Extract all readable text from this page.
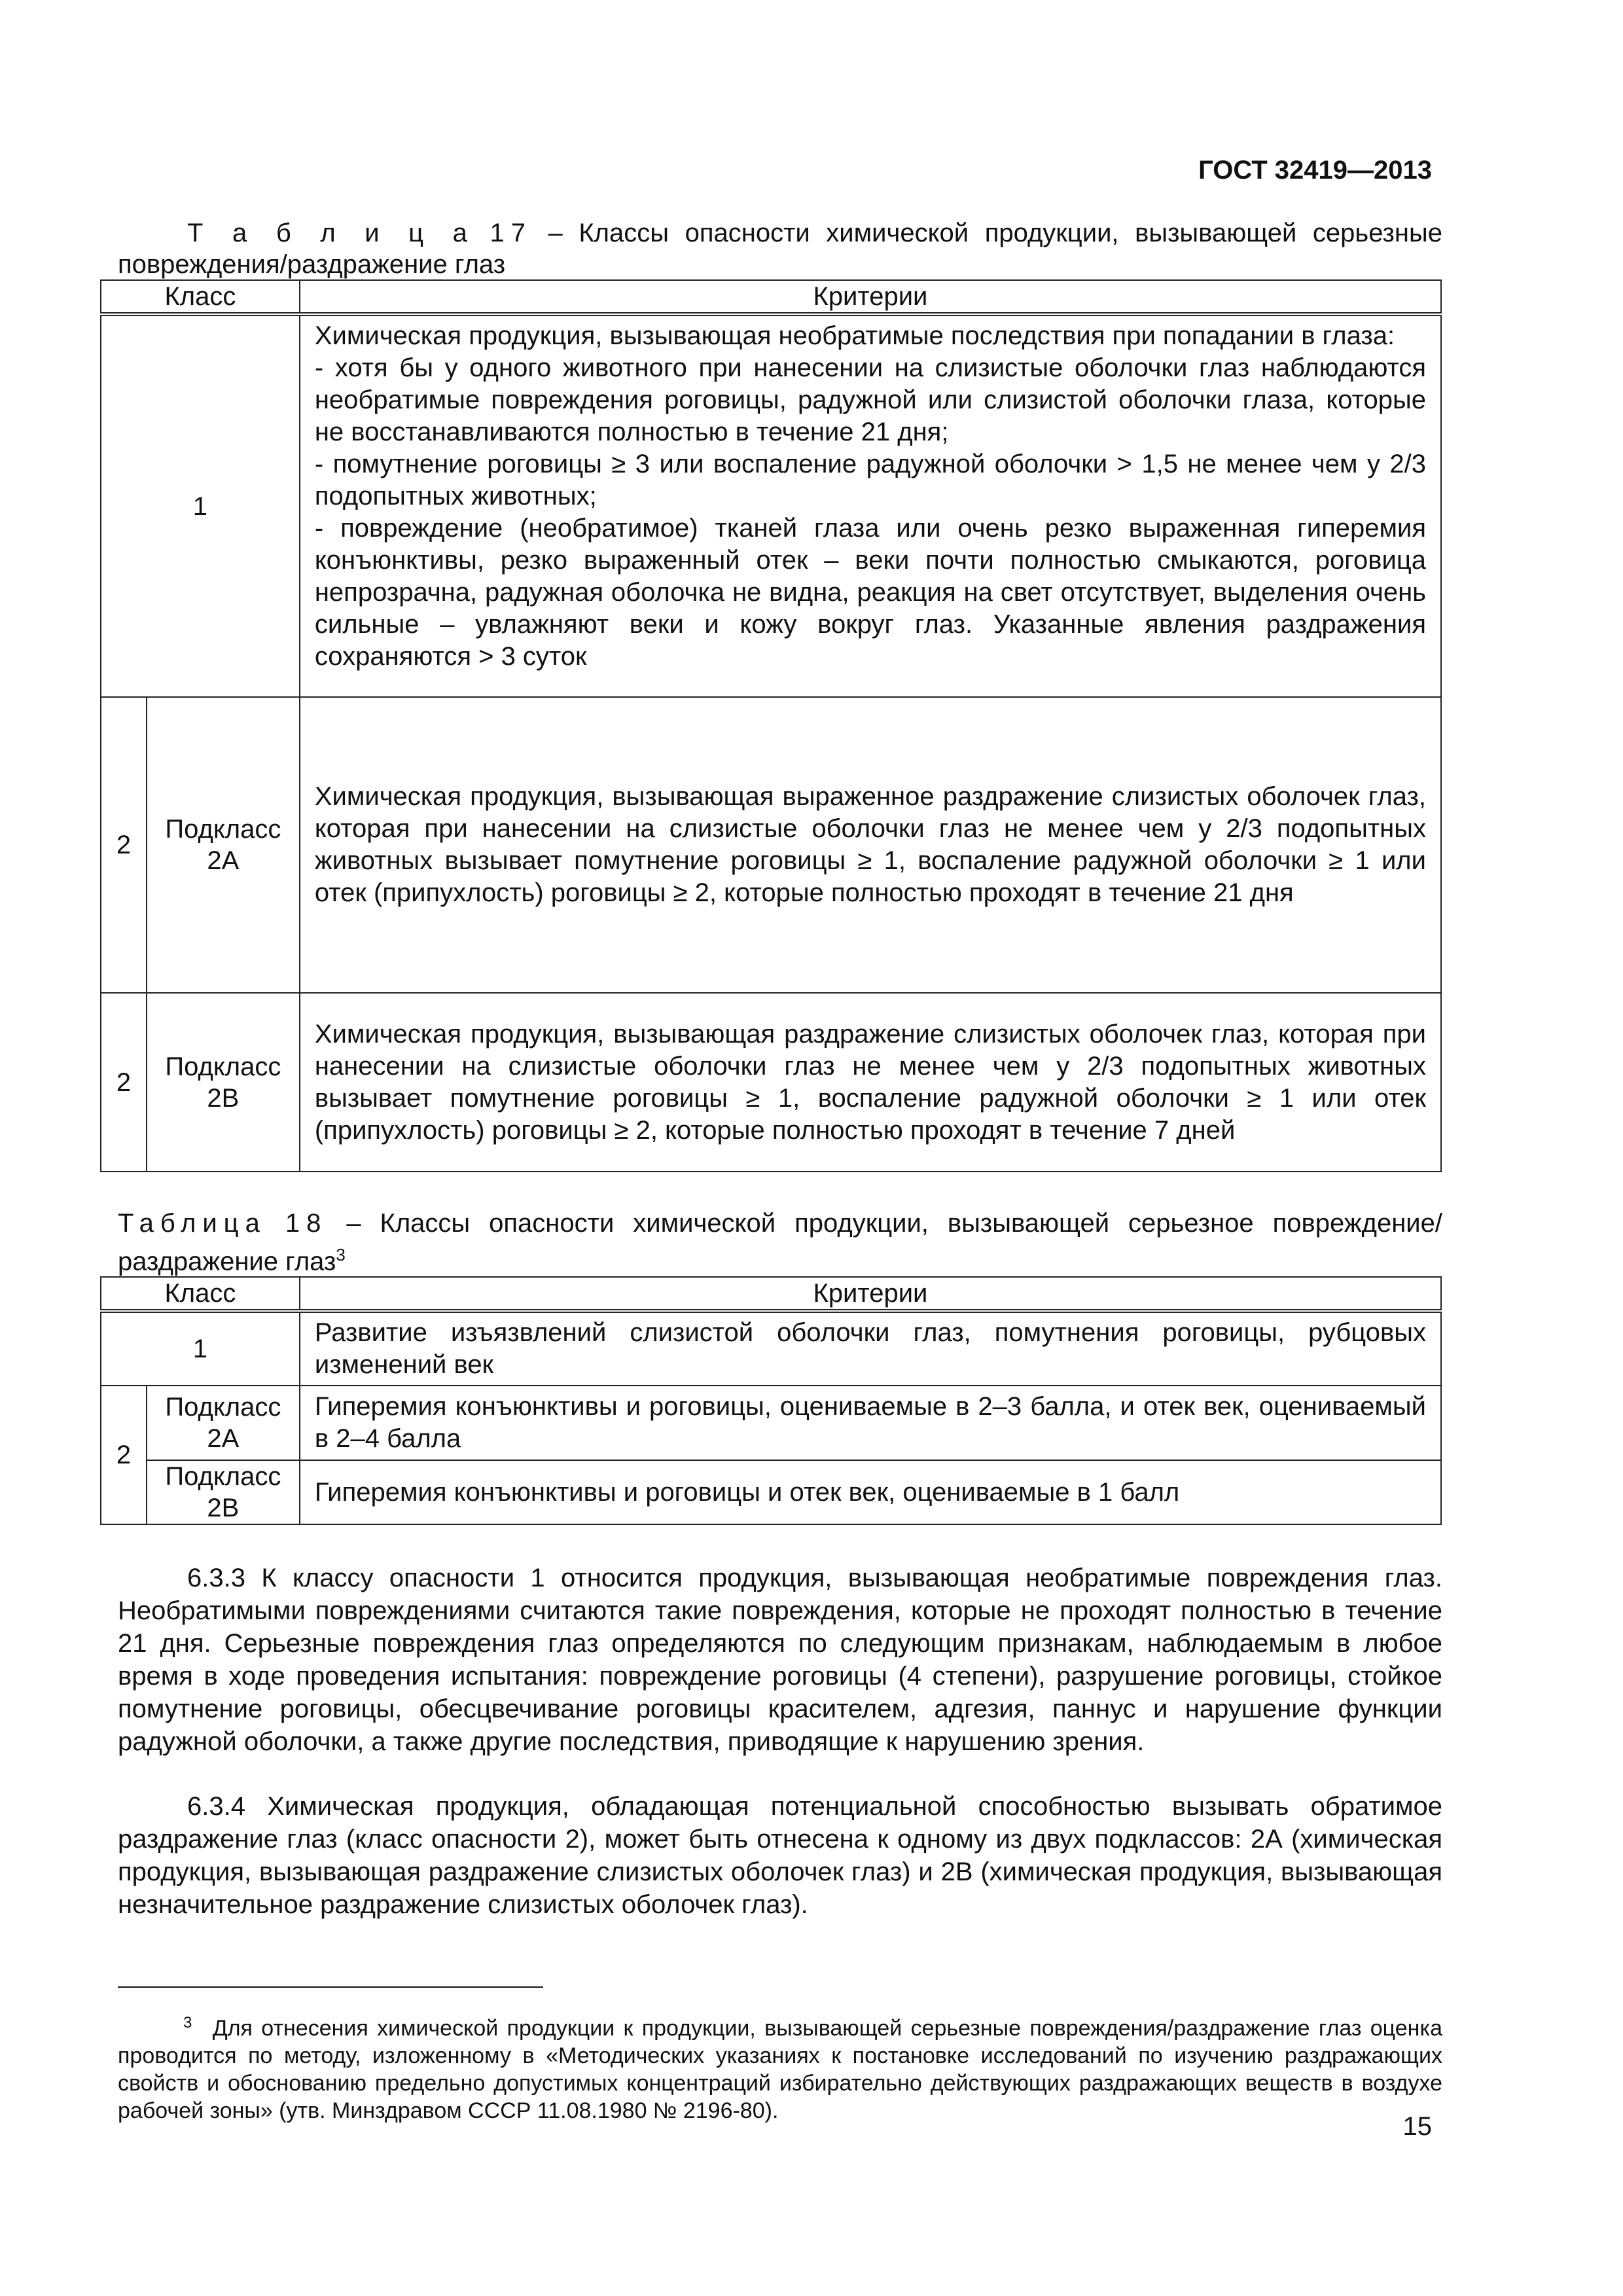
ГОСТ 32419—2013
Т а б л и ц а 17 – Классы опасности химической продукции, вызывающей серьезные повреждения/раздражение глаз
Класс		Критерии
1		Химическая продукция, вызывающая необратимые последствия при попадании в глаза:
- хотя бы у одного животного при нанесении на слизистые оболочки глаз наблюдаются необратимые повреждения роговицы, радужной или слизистой оболочки глаза, которые не восстанавливаются полностью в течение 21 дня;
- помутнение роговицы ≥ 3 или воспаление радужной оболочки > 1,5 не менее чем у 2/3 подопытных животных;
- повреждение (необратимое) тканей глаза или очень резко выраженная гиперемия конъюнктивы, резко выраженный отек – веки почти полностью смыкаются, роговица непрозрачна, радужная оболочка не видна, реакция на свет отсутствует, выделения очень сильные – увлажняют веки и кожу вокруг глаз. Указанные явления раздражения сохраняются > 3 суток

2	Подкласс 2А	Химическая продукция, вызывающая выраженное раздражение слизистых оболочек глаз, которая при нанесении на слизистые оболочки глаз не менее чем у 2/3 подопытных животных вызывает помутнение роговицы ≥ 1, воспаление радужной оболочки ≥ 1 или отек (припухлость) роговицы ≥ 2, которые полностью проходят в течение 21 дня

2	Подкласс 2В	Химическая продукция, вызывающая раздражение слизистых оболочек глаз, которая при нанесении на слизистые оболочки глаз не менее чем у 2/3 подопытных животных вызывает помутнение роговицы ≥ 1, воспаление радужной оболочки ≥ 1 или отек (припухлость) роговицы ≥ 2, которые полностью проходят в течение 7 дней
Таблица 18 – Классы опасности химической продукции, вызывающей серьезное повреждение/раздражение глаз$^3$
Класс		Критерии
1		Развитие изъязвлений слизистой оболочки глаз, помутнения роговицы, рубцовых изменений век
2	Подкласс 2А	Гиперемия конъюнктивы и роговицы, оцениваемые в 2–3 балла, и отек век, оцениваемый в 2–4 балла
	Подкласс 2В	Гиперемия конъюнктивы и роговицы и отек век, оцениваемые в 1 балл
6.3.3 К классу опасности 1 относится продукция, вызывающая необратимые повреждения глаз. Необратимыми повреждениями считаются такие повреждения, которые не проходят полностью в течение 21 дня. Серьезные повреждения глаз определяются по следующим признакам, наблюдаемым в любое время в ходе проведения испытания: повреждение роговицы (4 степени), разрушение роговицы, стойкое помутнение роговицы, обесцвечивание роговицы красителем, адгезия, паннус и нарушение функции радужной оболочки, а также другие последствия, приводящие к нарушению зрения.
6.3.4 Химическая продукция, обладающая потенциальной способностью вызывать обратимое раздражение глаз (класс опасности 2), может быть отнесена к одному из двух подклассов: 2А (химическая продукция, вызывающая раздражение слизистых оболочек глаз) и 2В (химическая продукция, вызывающая незначительное раздражение слизистых оболочек глаз).
$^3$ Для отнесения химической продукции к продукции, вызывающей серьезные повреждения/раздражение глаз оценка проводится по методу, изложенному в «Методических указаниях к постановке исследований по изучению раздражающих свойств и обоснованию предельно допустимых концентраций избирательно действующих раздражающих веществ в воздухе рабочей зоны» (утв. Минздравом СССР 11.08.1980 № 2196-80).
15
